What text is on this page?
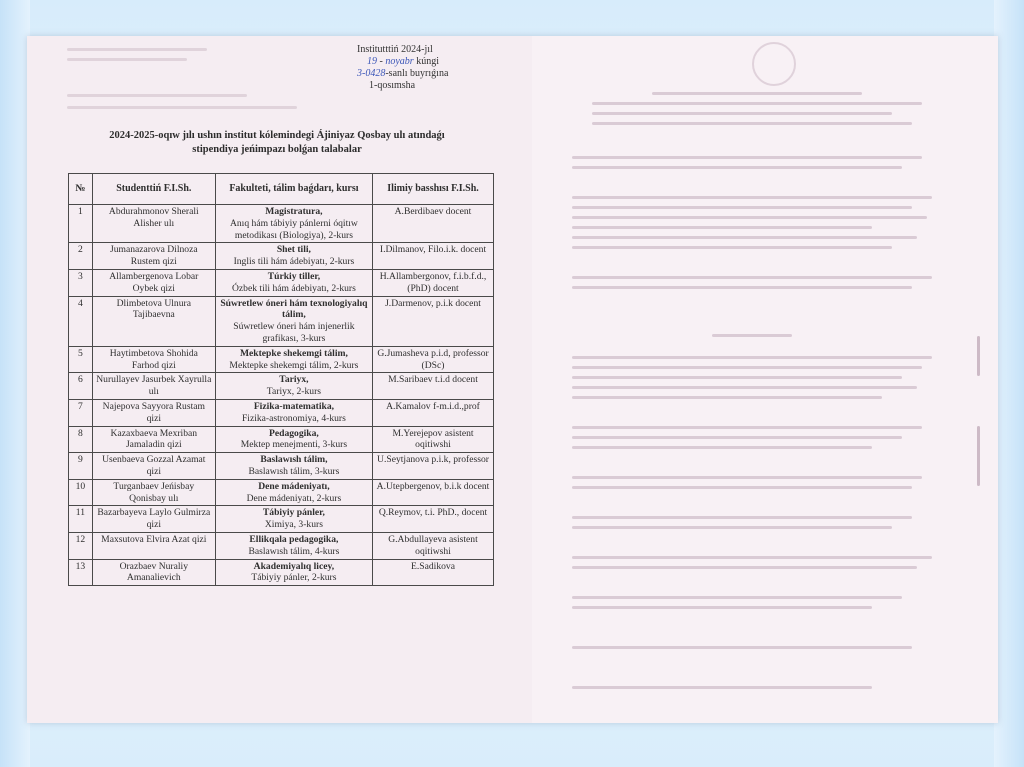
Institutttiń 2024-jıl
19 - noyabr kúngi
3-0428-sanlı buyrıǵına
1-qosımsha
2024-2025-oqıw jılı ushın institut kólemindegi Ájiniyaz Qosbay ulı atındaǵı
stipendiya jeńimpazı bolǵan talabalar
№	Studenttiń F.I.Sh.	Fakulteti, tálim baǵdarı, kursı	Ilimiy basshısı F.I.Sh.
1	Abdurahmonov Sherali Alisher ulı	Magistratura,
Anıq hám tábiyiy pánlerni óqitıw metodikası (Biologiya), 2-kurs	A.Berdibaev docent
2	Jumanazarova Dilnoza Rustem qizi	Shet tili,
Inglis tili hám ádebiyatı, 2-kurs	I.Dilmanov, Filo.i.k. docent
3	Allambergenova Lobar Oybek qizi	Túrkiy tiller,
Ózbek tili hám ádebiyatı, 2-kurs	H.Allambergonov, f.i.b.f.d., (PhD) docent
4	Dlimbetova Ulnura Tajibaevna	Súwretlew óneri hám texnologiyalıq tálim,
Súwretlew óneri hám injenerlik grafikası, 3-kurs	J.Darmenov, p.i.k docent
5	Haytimbetova Shohida Farhod qizi	Mektepke shekemgi tálim,
Mektepke shekemgi tálim, 2-kurs	G.Jumasheva p.i.d, professor (DSc)
6	Nurullayev Jasurbek Xayrulla ulı	Tariyx,
Tariyx, 2-kurs	M.Saribaev t.i.d docent
7	Najepova Sayyora Rustam qizi	Fizika-matematika,
Fizika-astronomiya, 4-kurs	A.Kamalov f-m.i.d.,prof
8	Kazaxbaeva Mexriban Jamaladin qizi	Pedagogika,
Mektep menejmenti, 3-kurs	M.Yerejepov asistent oqitiwshi
9	Usenbaeva Gozzal Azamat qizi	Baslawısh tálim,
Baslawısh tálim, 3-kurs	U.Seytjanova p.i.k, professor
10	Turganbaev Jeńisbay Qonisbay ulı	Dene mádeniyatı,
Dene mádeniyatı, 2-kurs	A.Utepbergenov, b.i.k docent
11	Bazarbayeva Laylo Gulmirza qizi	Tábiyiy pánler,
Ximiya, 3-kurs	Q.Reymov, t.i. PhD., docent
12	Maxsutova Elvira Azat qizi	Ellikqala pedagogika,
Baslawısh tálim, 4-kurs	G.Abdullayeva asistent oqitiwshi
13	Orazbaev Nuraliy Amanalievich	Akademiyalıq licey,
Tábiyiy pánler, 2-kurs	E.Sadikova
